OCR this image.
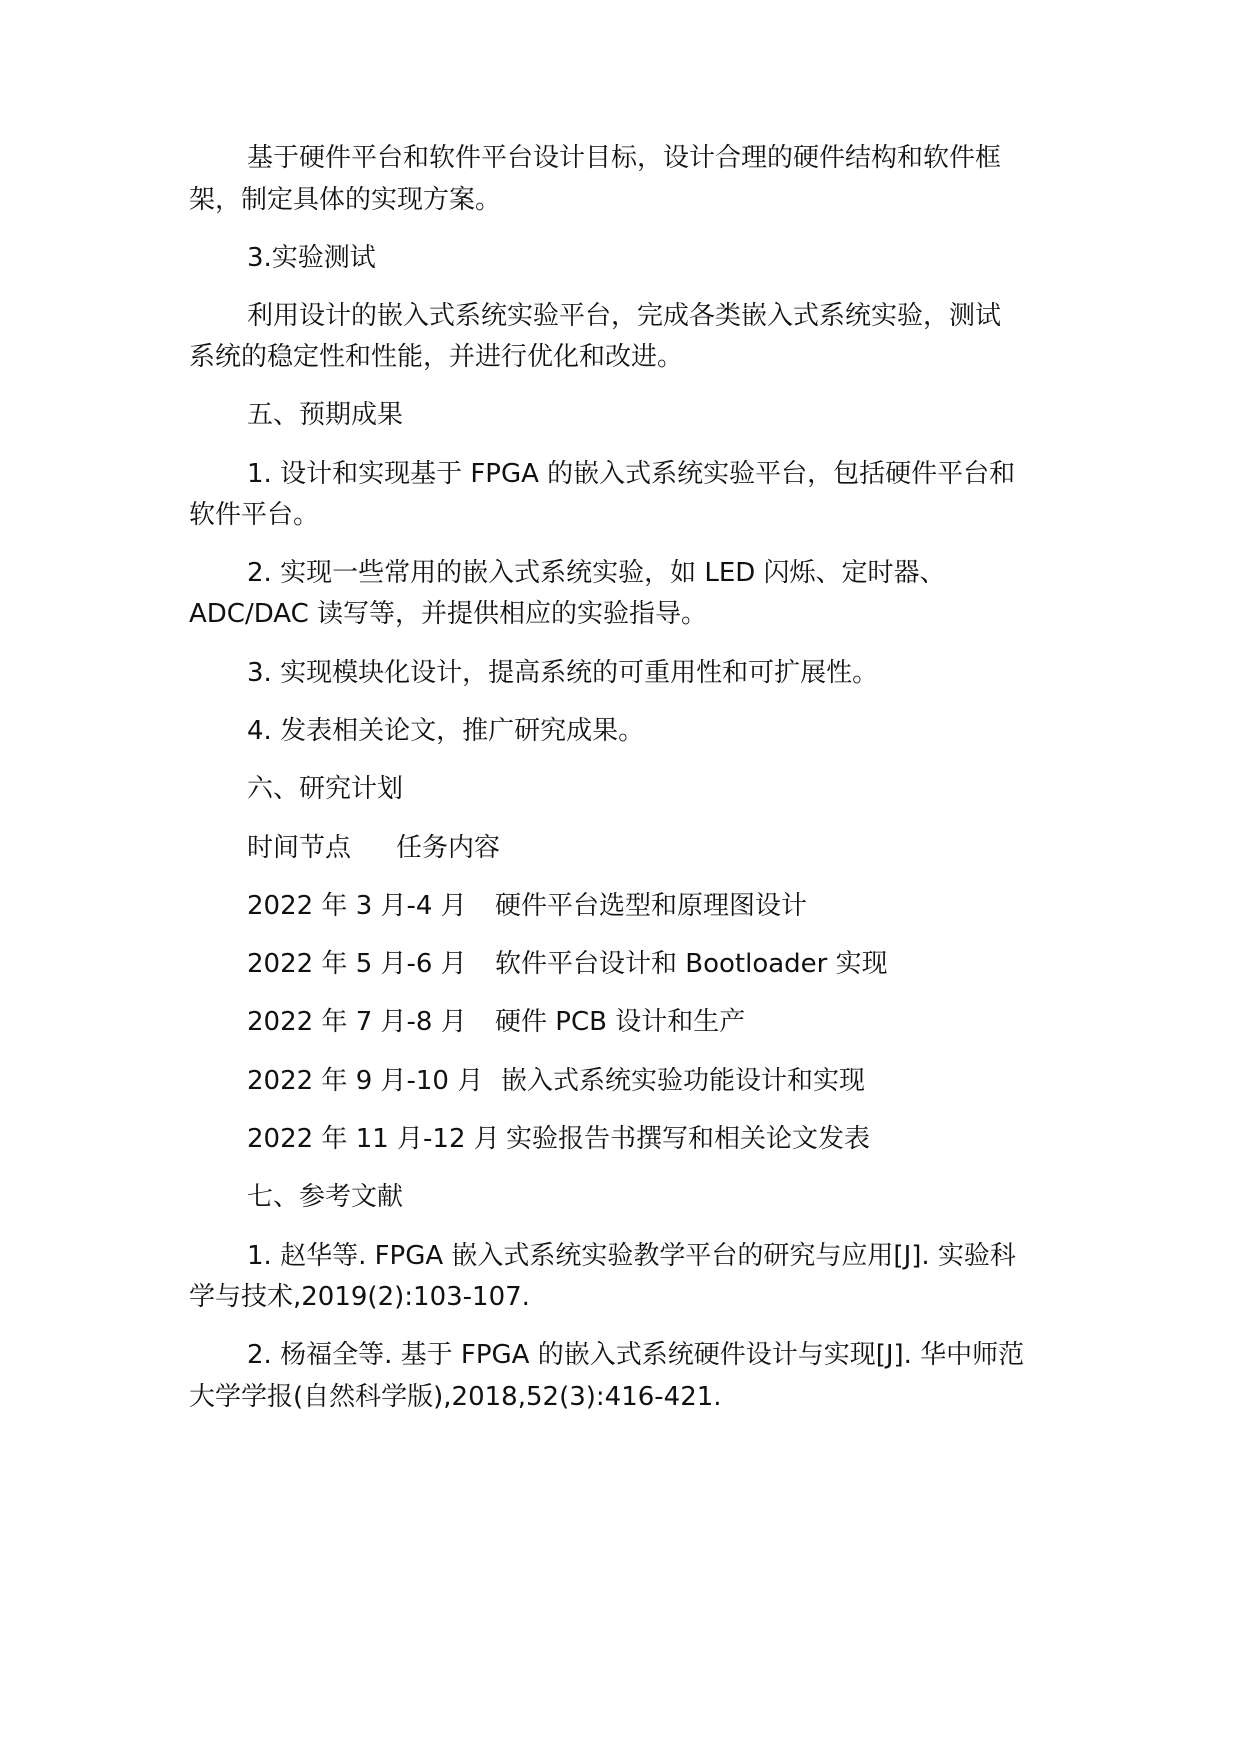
基于硬件平台和软件平台设计目标，设计合理的硬件结构和软件框
架，制定具体的实现方案。
3.实验测试
利用设计的嵌入式系统实验平台，完成各类嵌入式系统实验，测试
系统的稳定性和性能，并进行优化和改进。
五、预期成果
1. 设计和实现基于 FPGA 的嵌入式系统实验平台，包括硬件平台和
软件平台。
2. 实现一些常用的嵌入式系统实验，如 LED 闪烁、定时器、
ADC/DAC 读写等，并提供相应的实验指导。
3. 实现模块化设计，提高系统的可重用性和可扩展性。
4. 发表相关论文，推广研究成果。
六、研究计划
时间节点 任务内容
2022 年 3 月-4 月 硬件平台选型和原理图设计
2022 年 5 月-6 月 软件平台设计和 Bootloader 实现
2022 年 7 月-8 月 硬件 PCB 设计和生产
2022 年 9 月-10 月 嵌入式系统实验功能设计和实现
2022 年 11 月-12 月 实验报告书撰写和相关论文发表
七、参考文献
1. 赵华等. FPGA 嵌入式系统实验教学平台的研究与应用[J]. 实验科
学与技术,2019(2):103-107.
2. 杨福全等. 基于 FPGA 的嵌入式系统硬件设计与实现[J]. 华中师范
大学学报(自然科学版),2018,52(3):416-421.
